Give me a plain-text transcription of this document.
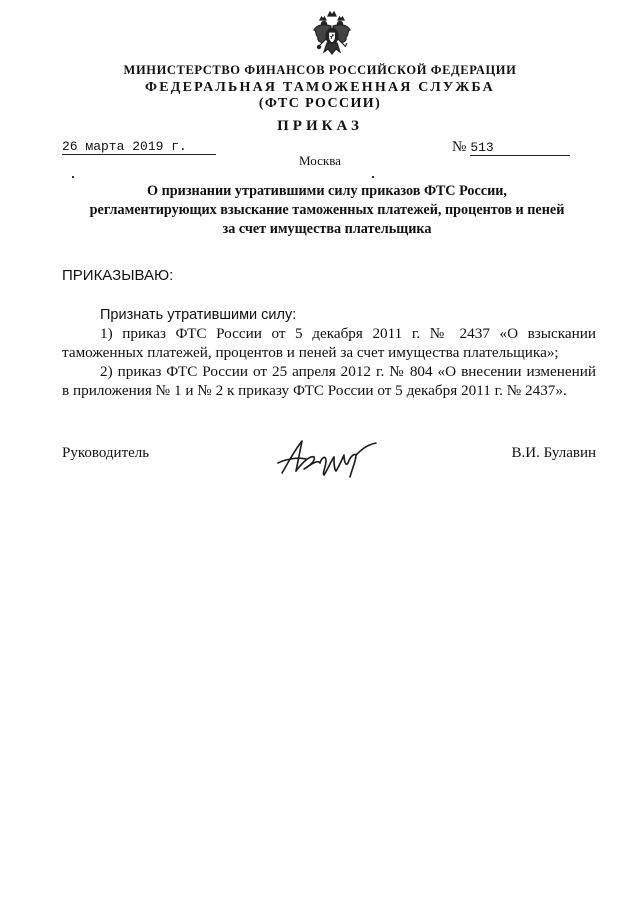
МИНИСТЕРСТВО ФИНАНСОВ РОССИЙСКОЙ ФЕДЕРАЦИИ
ФЕДЕРАЛЬНАЯ ТАМОЖЕННАЯ СЛУЖБА
(ФТС РОССИИ)
ПРИКАЗ
26 марта 2019 г.	№ 513
Москва
О признании утратившими силу приказов ФТС России,
регламентирующих взыскание таможенных платежей, процентов и пеней
за счет имущества плательщика
ПРИКАЗЫВАЮ:
Признать утратившими силу:
1) приказ ФТС России от 5 декабря 2011 г. № 2437 «О взыскании
таможенных платежей, процентов и пеней за счет имущества плательщика»;
2) приказ ФТС России от 25 апреля 2012 г. № 804 «О внесении изменений
в приложения № 1 и № 2 к приказу ФТС России от 5 декабря 2011 г. № 2437».
Руководитель	В.И. Булавин
